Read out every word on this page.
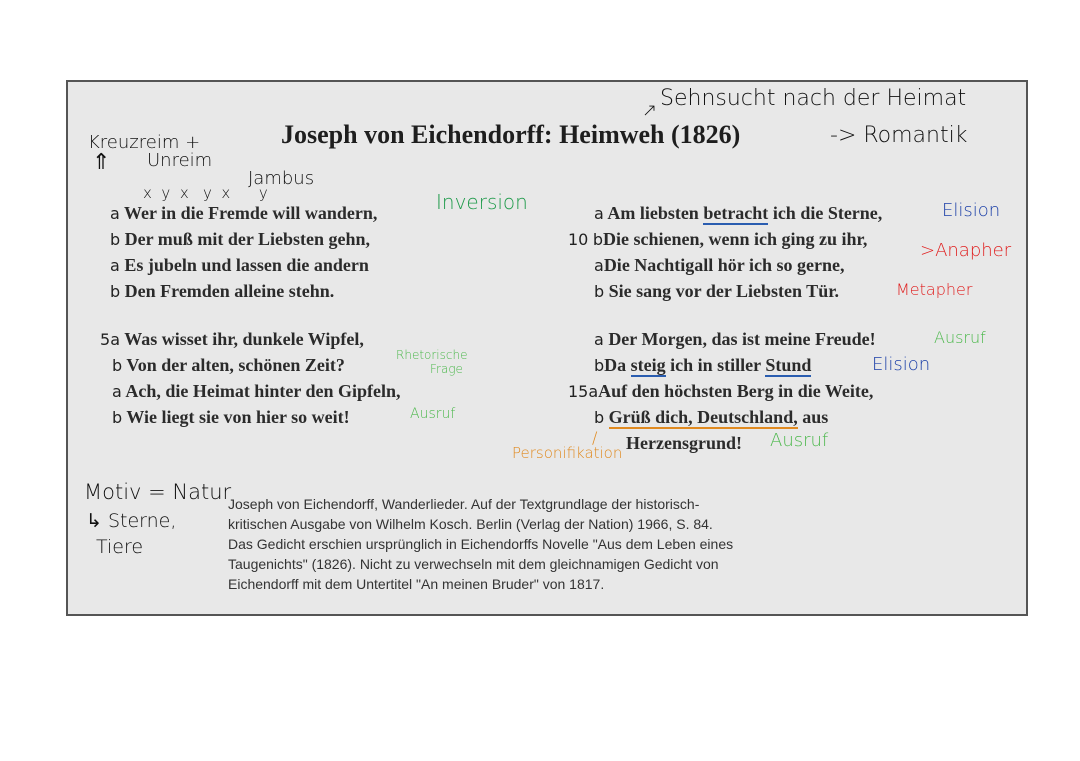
Joseph von Eichendorff: Heimweh (1826)
Sehnsucht nach der Heimat
↗
-> Romantik
Kreuzreim +
⇑ Unreim
Jambus
x  y  x   y  x      y
a Wer in die Fremde will wandern,
b Der muß mit der Liebsten gehn,
a Es jubeln und lassen die andern
b Den Fremden alleine stehn.
Inversion
5a Was wisset ihr, dunkele Wipfel,
b Von der alten, schönen Zeit?
a Ach, die Heimat hinter den Gipfeln,
b Wie liegt sie von hier so weit!
Rhetorische
Frage
Ausruf
a Am liebsten betracht ich die Sterne,
10 bDie schienen, wenn ich ging zu ihr,
aDie Nachtigall hör ich so gerne,
b Sie sang vor der Liebsten Tür.
Elision
>Anapher
Metapher
a Der Morgen, das ist meine Freude!
bDa steig ich in stiller Stund
15aAuf den höchsten Berg in die Weite,
b Grüß dich, Deutschland, aus
Herzensgrund!
Ausruf
Elision
Personifikation
/	Ausruf
Motiv = Natur
↳ Sterne,
Tiere
Joseph von Eichendorff, Wanderlieder. Auf der Textgrundlage der historisch-
kritischen Ausgabe von Wilhelm Kosch. Berlin (Verlag der Nation) 1966, S. 84.
Das Gedicht erschien ursprünglich in Eichendorffs Novelle "Aus dem Leben eines
Taugenichts" (1826). Nicht zu verwechseln mit dem gleichnamigen Gedicht von
Eichendorff mit dem Untertitel "An meinen Bruder" von 1817.
